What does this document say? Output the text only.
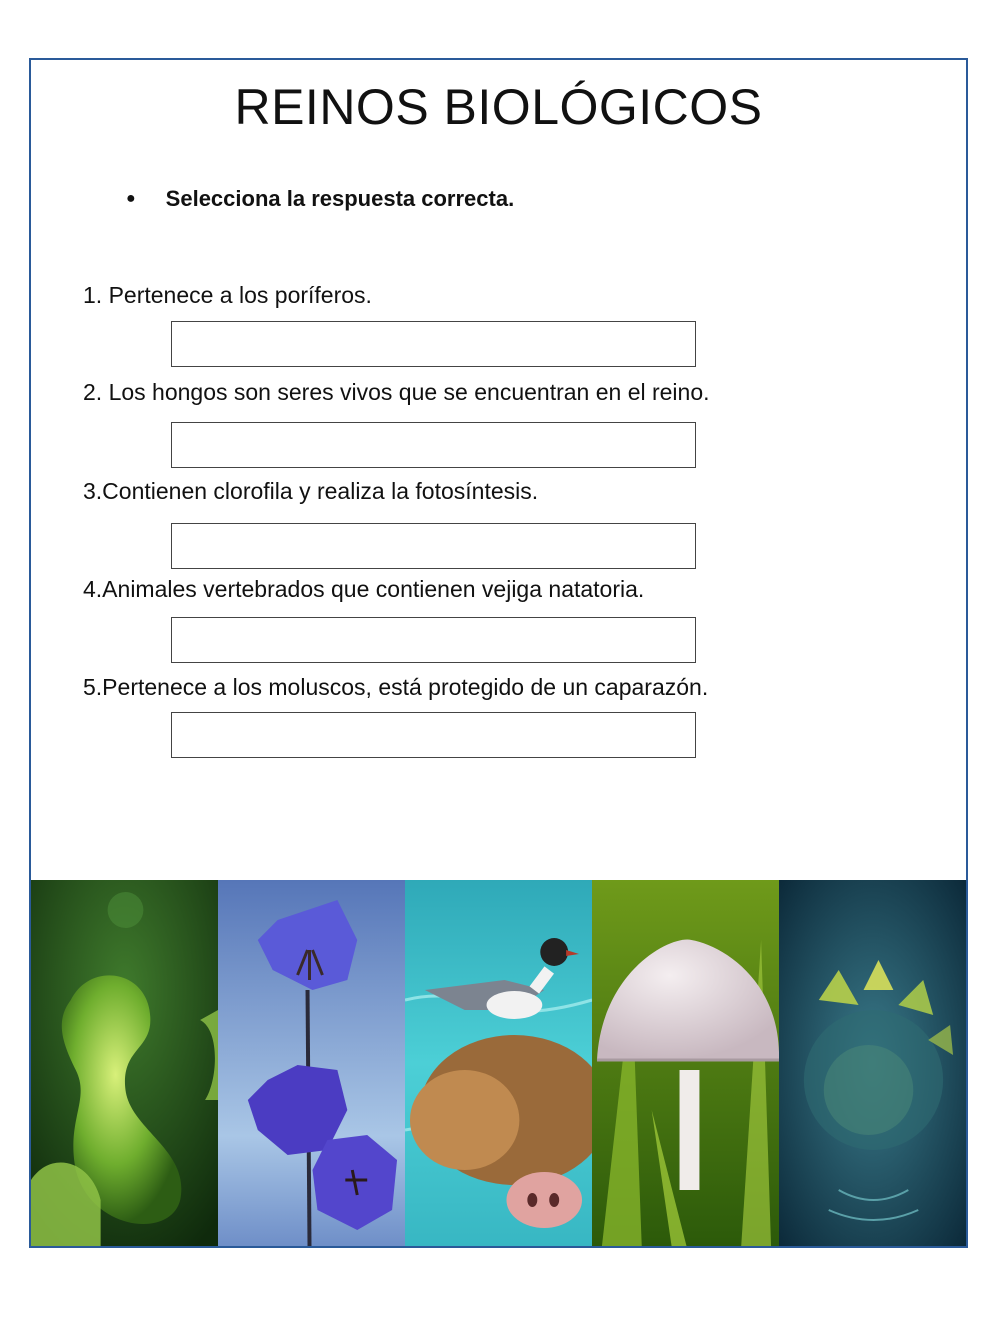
REINOS BIOLÓGICOS
● Selecciona la respuesta correcta.
1. Pertenece a los poríferos.
2. Los hongos son seres vivos que se encuentran en el reino.
3.Contienen clorofila y realiza la fotosíntesis.
4.Animales vertebrados que contienen vejiga natatoria.
5.Pertenece a los moluscos, está protegido de un caparazón.
